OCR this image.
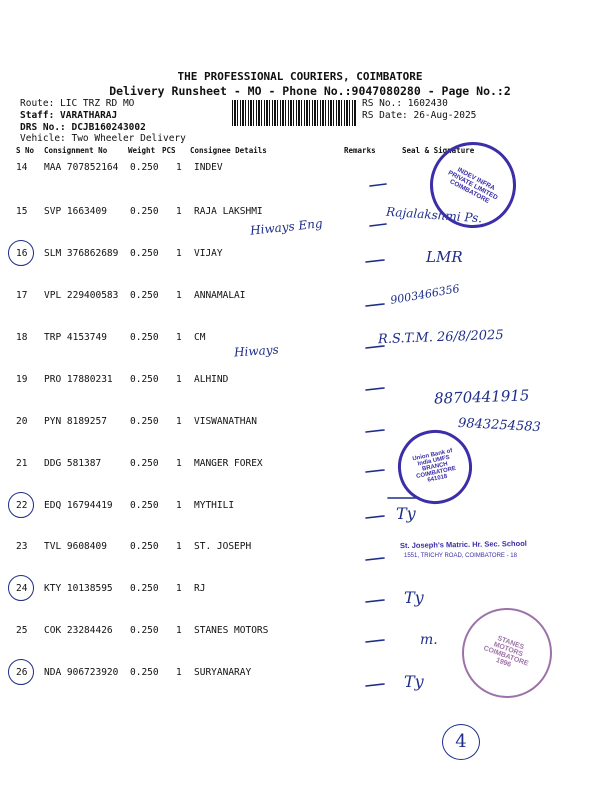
THE PROFESSIONAL COURIERS, COIMBATORE
Delivery Runsheet - MO - Phone No.:9047080280 - Page No.:2
Route: LIC TRZ RD MO
Staff: VARATHARAJ
DRS No.: DCJB160243002
Vehicle: Two Wheeler Delivery
RS No.: 1602430
RS Date: 26-Aug-2025
S No Consignment No	Weight PCS Consignee Details	Remarks	Seal & Signature
14 MAA 707852164 0.250 1 INDEV
15 SVP 1663409 0.250 1 RAJA LAKSHMI
16 SLM 376862689 0.250 1 VIJAY
17 VPL 229400583 0.250 1 ANNAMALAI
18 TRP 4153749 0.250 1 CM
19 PRO 17880231 0.250 1 ALHIND
20 PYN 8189257 0.250 1 VISWANATHAN
21 DDG 581387	0.250 1 MANGER FOREX
22 EDQ 16794419 0.250 1 MYTHILI
23 TVL 9608409 0.250 1 ST. JOSEPH
24 KTY 10138595 0.250 1 RJ
25 COK 23284426 0.250 1 STANES MOTORS
26 NDA 906723920 0.250 1 SURYANARAY
Hiways Eng
Hiways
Rajalakshmi Ps.
LMR
9003466356
R.S.T.M. 26/8/2025
8870441915
9843254583
Ty
Ty
m.
Ty
4
INDEV INFRA PRIVATE LIMITED COIMBATORE
Union Bank of India UMFS BRANCH COIMBATORE 641018
St. Joseph's Matric. Hr. Sec. School
1551, TRICHY ROAD, COIMBATORE - 18
STANES MOTORS COIMBATORE 1996
